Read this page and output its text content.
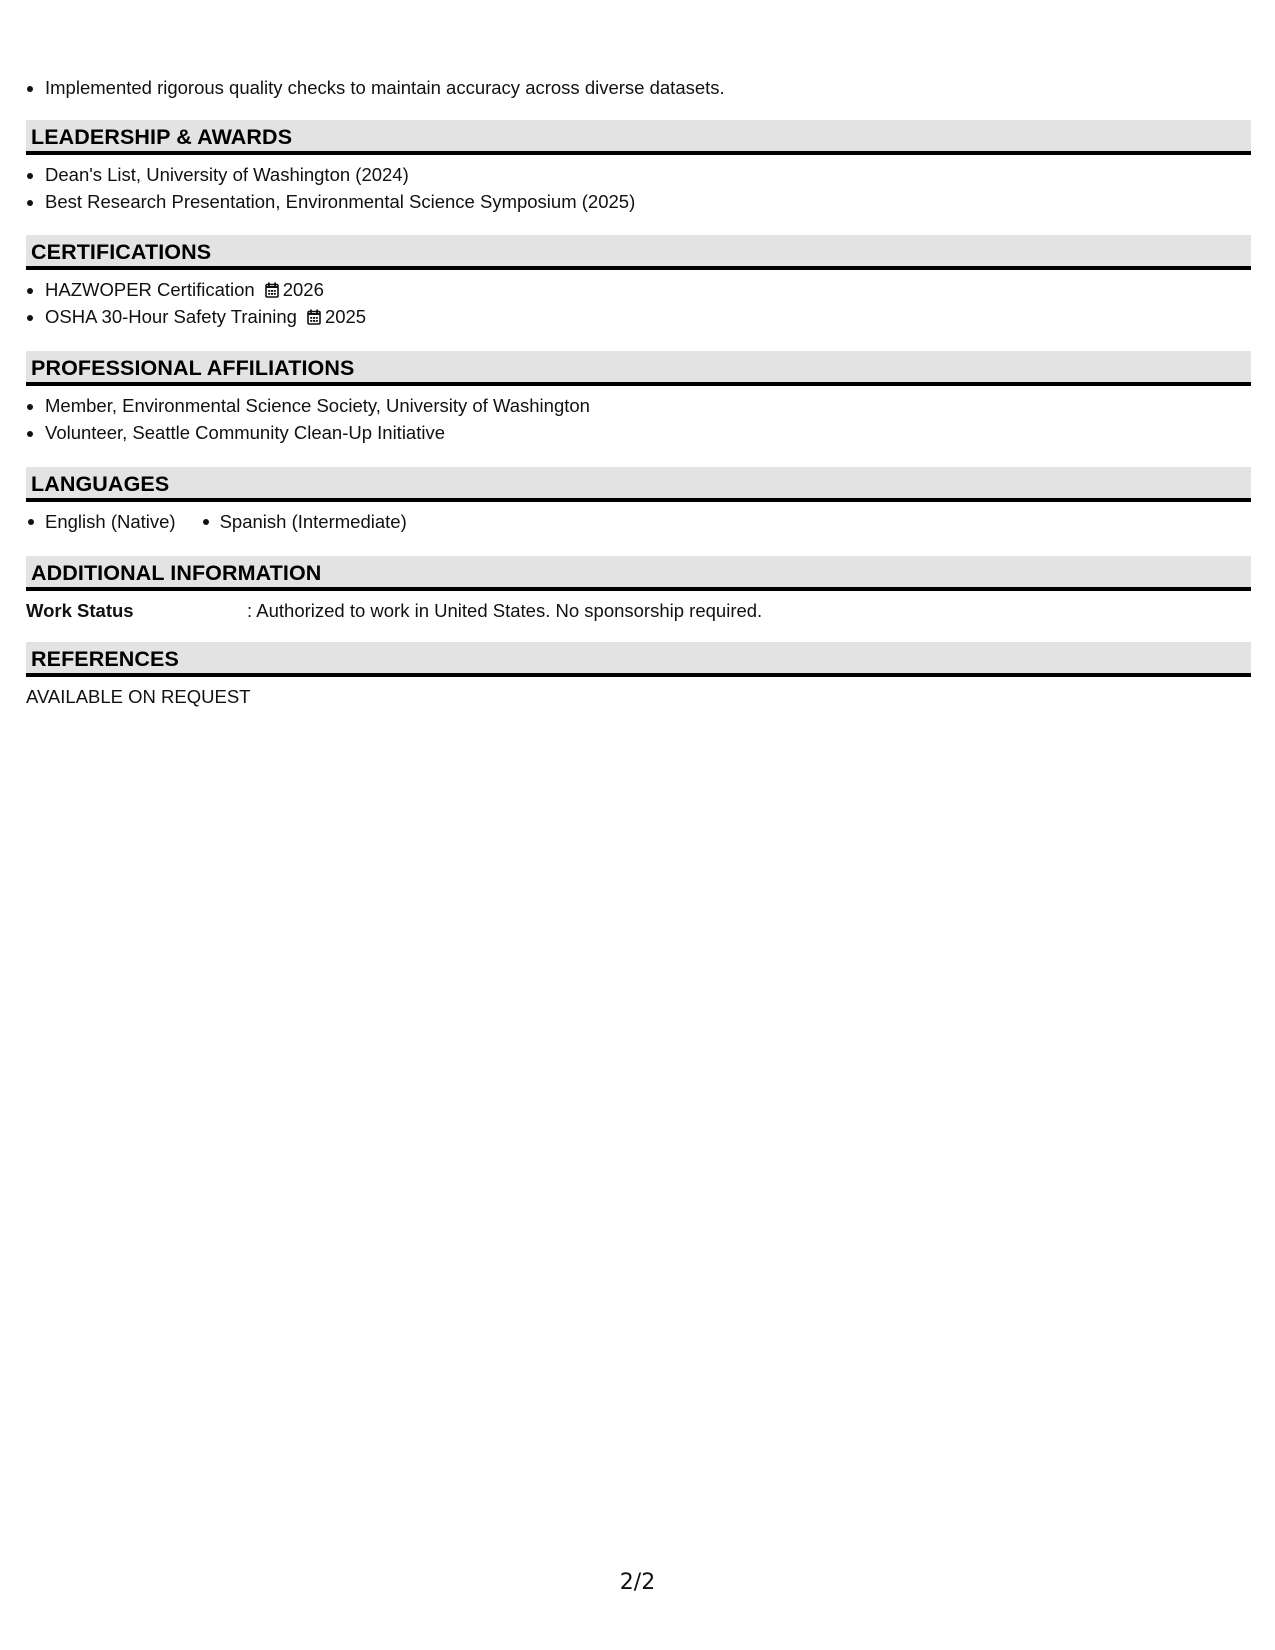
• Implemented rigorous quality checks to maintain accuracy across diverse datasets.
LEADERSHIP & AWARDS
• Dean's List, University of Washington (2024)
• Best Research Presentation, Environmental Science Symposium (2025)
CERTIFICATIONS
• HAZWOPER Certification 2026
• OSHA 30-Hour Safety Training 2025
PROFESSIONAL AFFILIATIONS
• Member, Environmental Science Society, University of Washington
• Volunteer, Seattle Community Clean-Up Initiative
LANGUAGES
English (Native)	Spanish (Intermediate)
ADDITIONAL INFORMATION
Work Status	: Authorized to work in United States. No sponsorship required.
REFERENCES
AVAILABLE ON REQUEST
2/2
